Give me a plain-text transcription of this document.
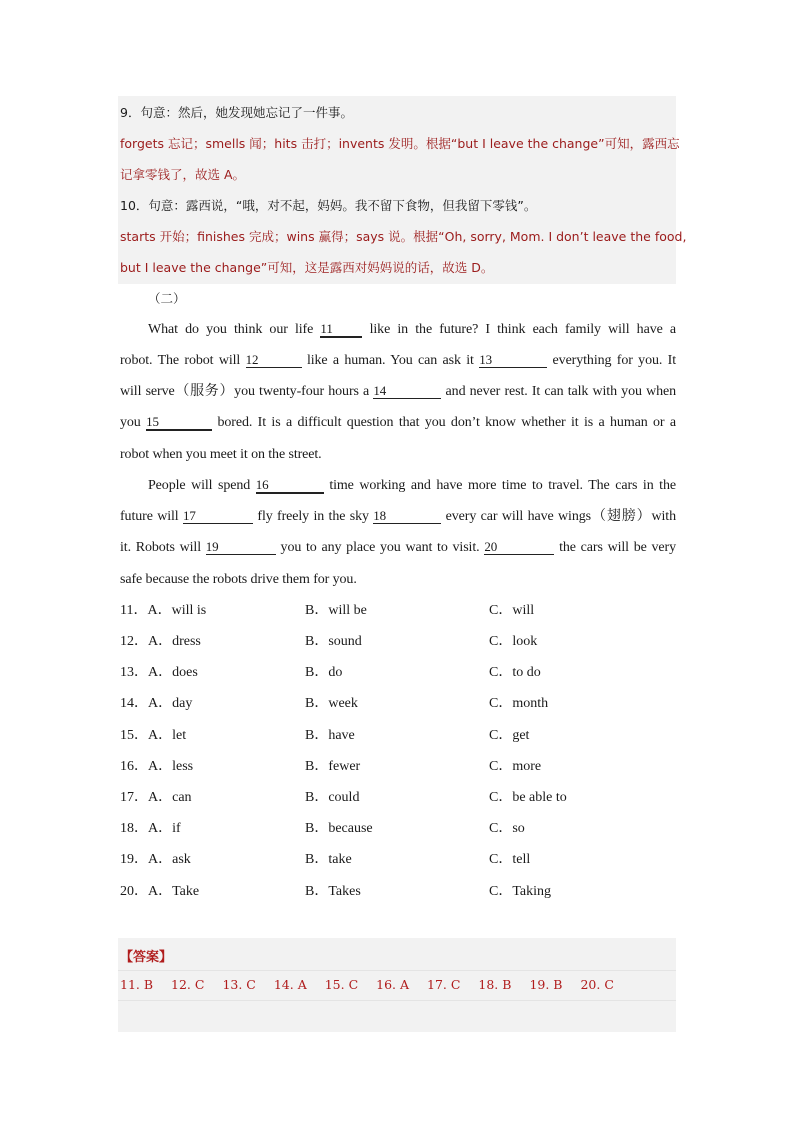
9．句意：然后，她发现她忘记了一件事。
forgets 忘记；smells 闻；hits 击打；invents 发明。根据“but I leave the change”可知，露西忘
记拿零钱了，故选 A。
10．句意：露西说，“哦，对不起，妈妈。我不留下食物，但我留下零钱”。
starts 开始；finishes 完成；wins 赢得；says 说。根据“Oh, sorry, Mom. I don’t leave the food,
but I leave the change”可知，这是露西对妈妈说的话，故选 D。
（二）
What do you think our life 11 like in the future? I think each family will have a
robot. The robot will 12	like a human. You can ask it 13	everything for you. It
will serve（服务）you twenty-four hours a 14	and never rest. It can talk with you when
you 15	bored. It is a difficult question that you don’t know whether it is a human or a
robot when you meet it on the street.
People will spend 16	time working and have more time to travel. The cars in the
future will 17	fly freely in the sky 18	every car will have wings（翅膀）with
it. Robots will 19	you to any place you want to visit. 20	the cars will be very
safe because the robots drive them for you.
11．A．will is	B．will be	C．will
12．A．dress	B．sound	C．look
13．A．does	B．do	C．to do
14．A．day	B．week	C．month
15．A．let	B．have	C．get
16．A．less	B．fewer	C．more
17．A．can	B．could	C．be able to
18．A．if	B．because	C．so
19．A．ask	B．take	C．tell
20．A．Take	B．Takes	C．Taking
【答案】
11. B 12. C 13. C 14. A 15. C 16. A 17. C 18. B 19. B 20. C
